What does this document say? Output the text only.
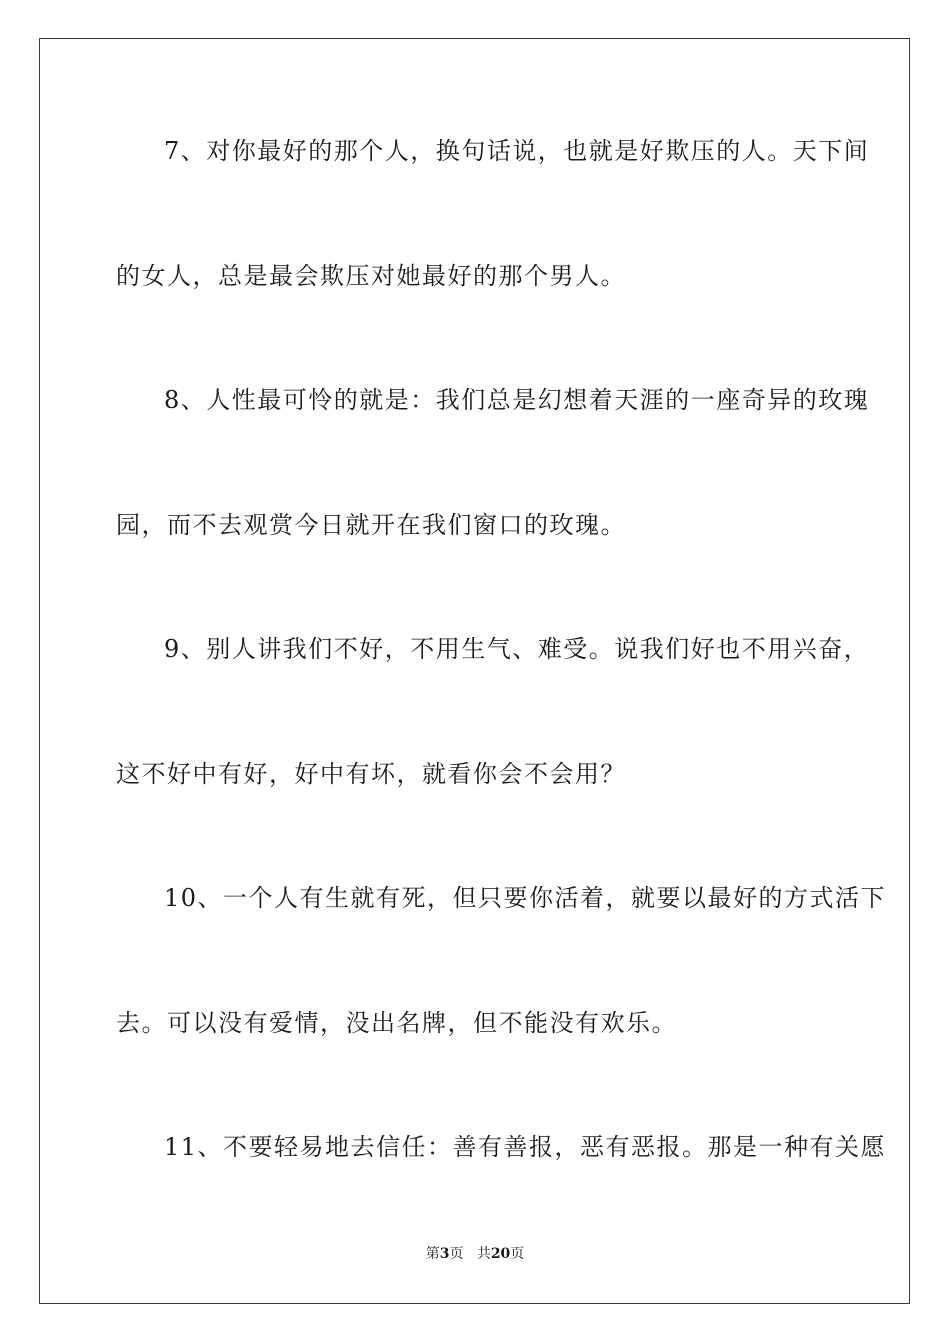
7、对你最好的那个人，换句话说，也就是好欺压的人。天下间
的女人，总是最会欺压对她最好的那个男人。
8、人性最可怜的就是：我们总是幻想着天涯的一座奇异的玫瑰
园，而不去观赏今日就开在我们窗口的玫瑰。
9、别人讲我们不好，不用生气、难受。说我们好也不用兴奋，
这不好中有好，好中有坏，就看你会不会用？
10、一个人有生就有死，但只要你活着，就要以最好的方式活下
去。可以没有爱情，没出名牌，但不能没有欢乐。
11、不要轻易地去信任：善有善报，恶有恶报。那是一种有关愿
第3页 共20页
